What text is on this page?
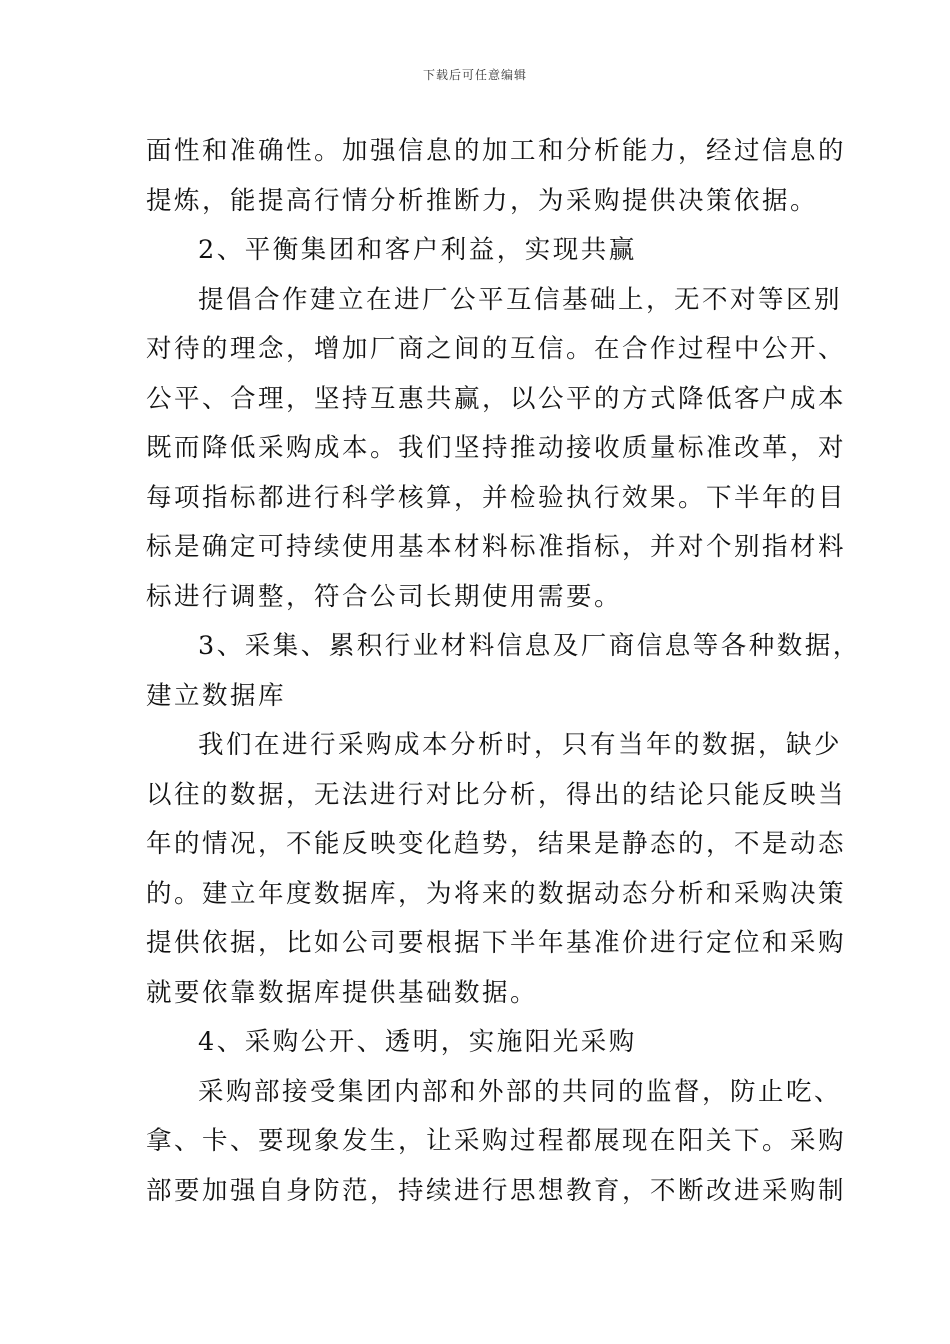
下载后可任意编辑
面性和准确性。加强信息的加工和分析能力，经过信息的
提炼，能提高行情分析推断力，为采购提供决策依据。
2、平衡集团和客户利益，实现共赢
提倡合作建立在进厂公平互信基础上，无不对等区别
对待的理念，增加厂商之间的互信。在合作过程中公开、
公平、合理，坚持互惠共赢，以公平的方式降低客户成本
既而降低采购成本。我们坚持推动接收质量标准改革，对
每项指标都进行科学核算，并检验执行效果。下半年的目
标是确定可持续使用基本材料标准指标，并对个别指材料
标进行调整，符合公司长期使用需要。
3、采集、累积行业材料信息及厂商信息等各种数据，
建立数据库
我们在进行采购成本分析时，只有当年的数据，缺少
以往的数据，无法进行对比分析，得出的结论只能反映当
年的情况，不能反映变化趋势，结果是静态的，不是动态
的。建立年度数据库，为将来的数据动态分析和采购决策
提供依据，比如公司要根据下半年基准价进行定位和采购
就要依靠数据库提供基础数据。
4、采购公开、透明，实施阳光采购
采购部接受集团内部和外部的共同的监督，防止吃、
拿、卡、要现象发生，让采购过程都展现在阳关下。采购
部要加强自身防范，持续进行思想教育，不断改进采购制
